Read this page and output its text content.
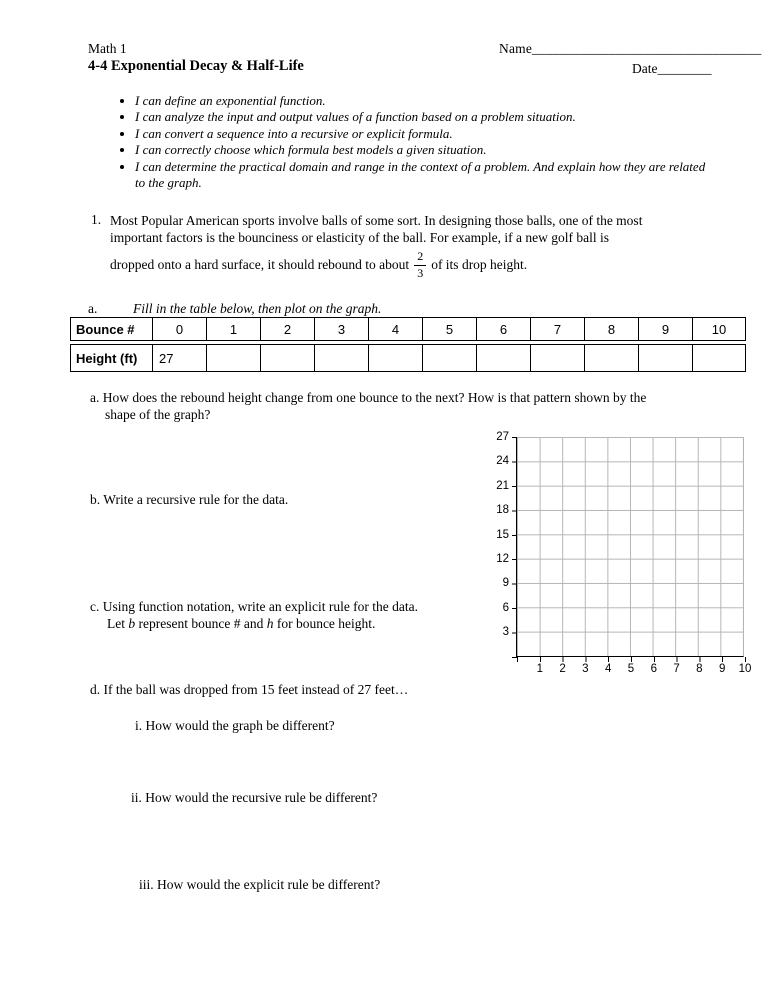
Math 1	Name_________________________________
4-4 Exponential Decay & Half-Life	Date________
• I can define an exponential function.
• I can analyze the input and output values of a function based on a problem situation.
• I can convert a sequence into a recursive or explicit formula.
• I can correctly choose which formula best models a given situation.
• I can determine the practical domain and range in the context of a problem. And explain how they are related to the graph.
1. Most Popular American sports involve balls of some sort. In designing those balls, one of the most
important factors is the bounciness or elasticity of the ball. For example, if a new golf ball is
dropped onto a hard surface, it should rebound to about $\frac{2}{3}$ of its drop height.
a.	Fill in the table below, then plot on the graph.
Bounce #	0	1	2	3	4	5	6	7	8	9	10
Height (ft)	27										
a. How does the rebound height change from one bounce to the next? How is that pattern shown by the
shape of the graph?
27
24
21
18
15
12
9
6
3
1	2	3	4	5	6	7	8	9	10
b. Write a recursive rule for the data.
c. Using function notation, write an explicit rule for the data.
Let b represent bounce # and h for bounce height.
d. If the ball was dropped from 15 feet instead of 27 feet…
i. How would the graph be different?
ii. How would the recursive rule be different?
iii. How would the explicit rule be different?
